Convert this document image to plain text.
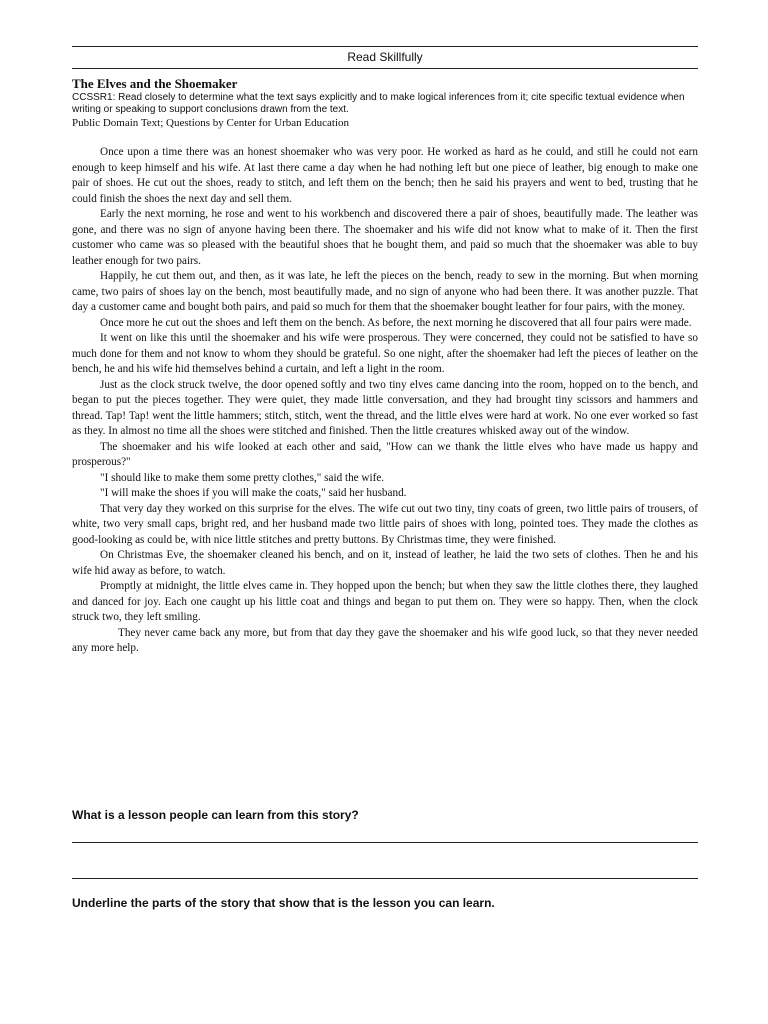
Read Skillfully
The Elves and the Shoemaker
CCSSR1: Read closely to determine what the text says explicitly and to make logical inferences from it; cite specific textual evidence when writing or speaking to support conclusions drawn from the text.
Public Domain Text; Questions by Center for Urban Education

Once upon a time there was an honest shoemaker who was very poor. He worked as hard as he could, and still he could not earn enough to keep himself and his wife. At last there came a day when he had nothing left but one piece of leather, big enough to make one pair of shoes. He cut out the shoes, ready to stitch, and left them on the bench; then he said his prayers and went to bed, trusting that he could finish the shoes the next day and sell them.

Early the next morning, he rose and went to his workbench and discovered there a pair of shoes, beautifully made. The leather was gone, and there was no sign of anyone having been there. The shoemaker and his wife did not know what to make of it. Then the first customer who came was so pleased with the beautiful shoes that he bought them, and paid so much that the shoemaker was able to buy leather enough for two pairs.

Happily, he cut them out, and then, as it was late, he left the pieces on the bench, ready to sew in the morning. But when morning came, two pairs of shoes lay on the bench, most beautifully made, and no sign of anyone who had been there. It was another puzzle. That day a customer came and bought both pairs, and paid so much for them that the shoemaker bought leather for four pairs, with the money.

Once more he cut out the shoes and left them on the bench. As before, the next morning he discovered that all four pairs were made.

It went on like this until the shoemaker and his wife were prosperous. They were concerned, they could not be satisfied to have so much done for them and not know to whom they should be grateful. So one night, after the shoemaker had left the pieces of leather on the bench, he and his wife hid themselves behind a curtain, and left a light in the room.

Just as the clock struck twelve, the door opened softly and two tiny elves came dancing into the room, hopped on to the bench, and began to put the pieces together. They were quiet, they made little conversation, and they had brought tiny scissors and hammers and thread. Tap! Tap! went the little hammers; stitch, stitch, went the thread, and the little elves were hard at work. No one ever worked so fast as they. In almost no time all the shoes were stitched and finished. Then the little creatures whisked away out of the window.

The shoemaker and his wife looked at each other and said, "How can we thank the little elves who have made us happy and prosperous?"

"I should like to make them some pretty clothes," said the wife.

"I will make the shoes if you will make the coats," said her husband.

That very day they worked on this surprise for the elves. The wife cut out two tiny, tiny coats of green, two little pairs of trousers, of white, two very small caps, bright red, and her husband made two little pairs of shoes with long, pointed toes. They made the clothes as good-looking as could be, with nice little stitches and pretty buttons. By Christmas time, they were finished.

On Christmas Eve, the shoemaker cleaned his bench, and on it, instead of leather, he laid the two sets of clothes. Then he and his wife hid away as before, to watch.

Promptly at midnight, the little elves came in. They hopped upon the bench; but when they saw the little clothes there, they laughed and danced for joy. Each one caught up his little coat and things and began to put them on. They were so happy. Then, when the clock struck two, they left smiling.

They never came back any more, but from that day they gave the shoemaker and his wife good luck, so that they never needed any more help.

What is a lesson people can learn from this story?
Underline the parts of the story that show that is the lesson you can learn.
